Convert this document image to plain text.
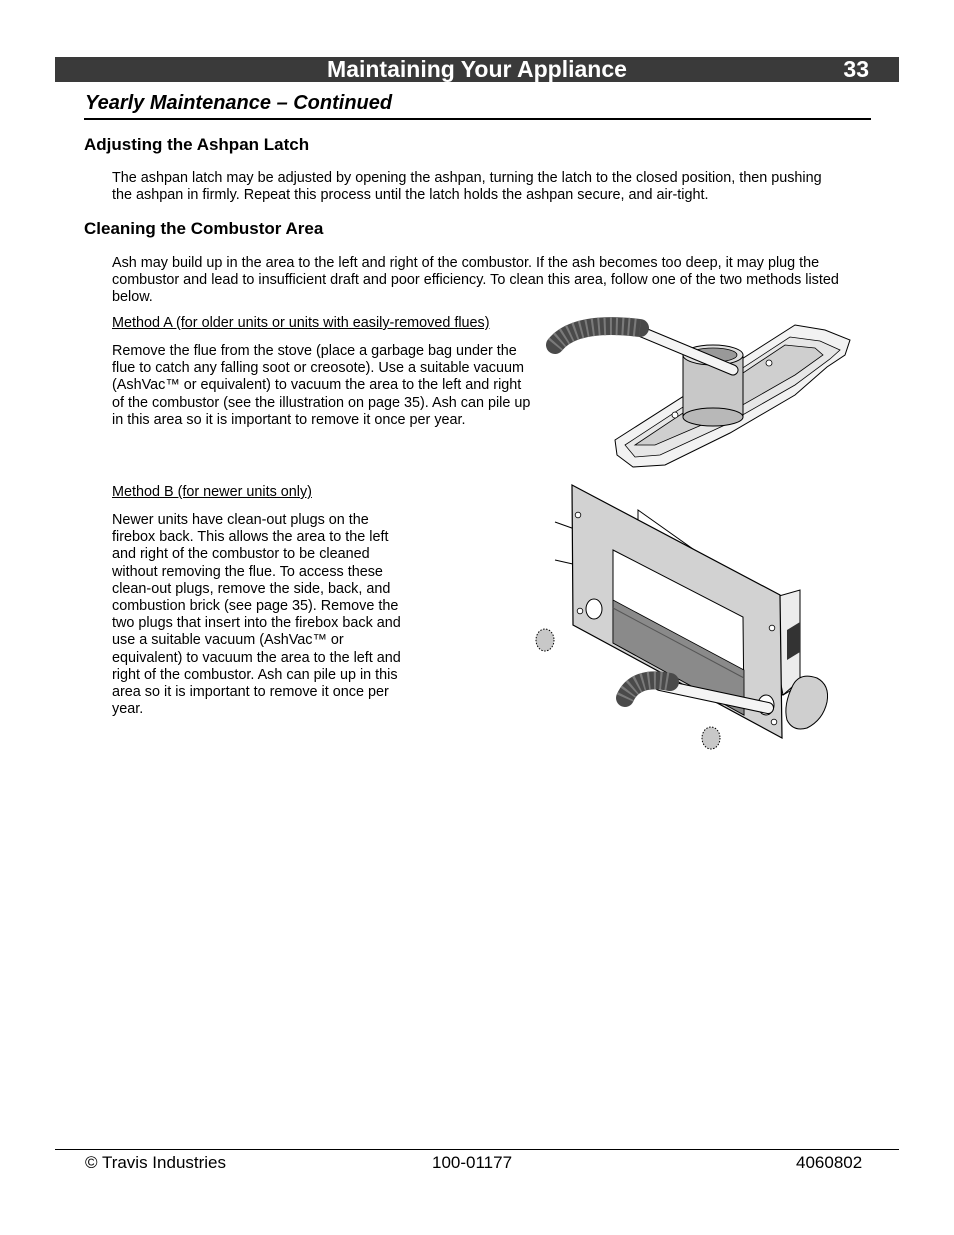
Maintaining Your Appliance	33
Yearly Maintenance – Continued
Adjusting the Ashpan Latch
The ashpan latch may be adjusted by opening the ashpan, turning the latch to the closed position, then pushing the ashpan in firmly. Repeat this process until the latch holds the ashpan secure, and air-tight.
Cleaning the Combustor Area
Ash may build up in the area to the left and right of the combustor. If the ash becomes too deep, it may plug the combustor and lead to insufficient draft and poor efficiency. To clean this area, follow one of the two methods listed below.
Method A (for older units or units with easily-removed flues)
Remove the flue from the stove (place a garbage bag under the flue to catch any falling soot or creosote). Use a suitable vacuum (AshVac™ or equivalent) to vacuum the area to the left and right of the combustor (see the illustration on page 35). Ash can pile up in this area so it is important to remove it once per year.
Method B (for newer units only)
Newer units have clean-out plugs on the firebox back. This allows the area to the left and right of the combustor to be cleaned without removing the flue. To access these clean-out plugs, remove the side, back, and combustion brick (see page 35). Remove the two plugs that insert into the firebox back and use a suitable vacuum (AshVac™ or equivalent) to vacuum the area to the left and right of the combustor. Ash can pile up in this area so it is important to remove it once per year.
© Travis Industries	100-01177	4060802
